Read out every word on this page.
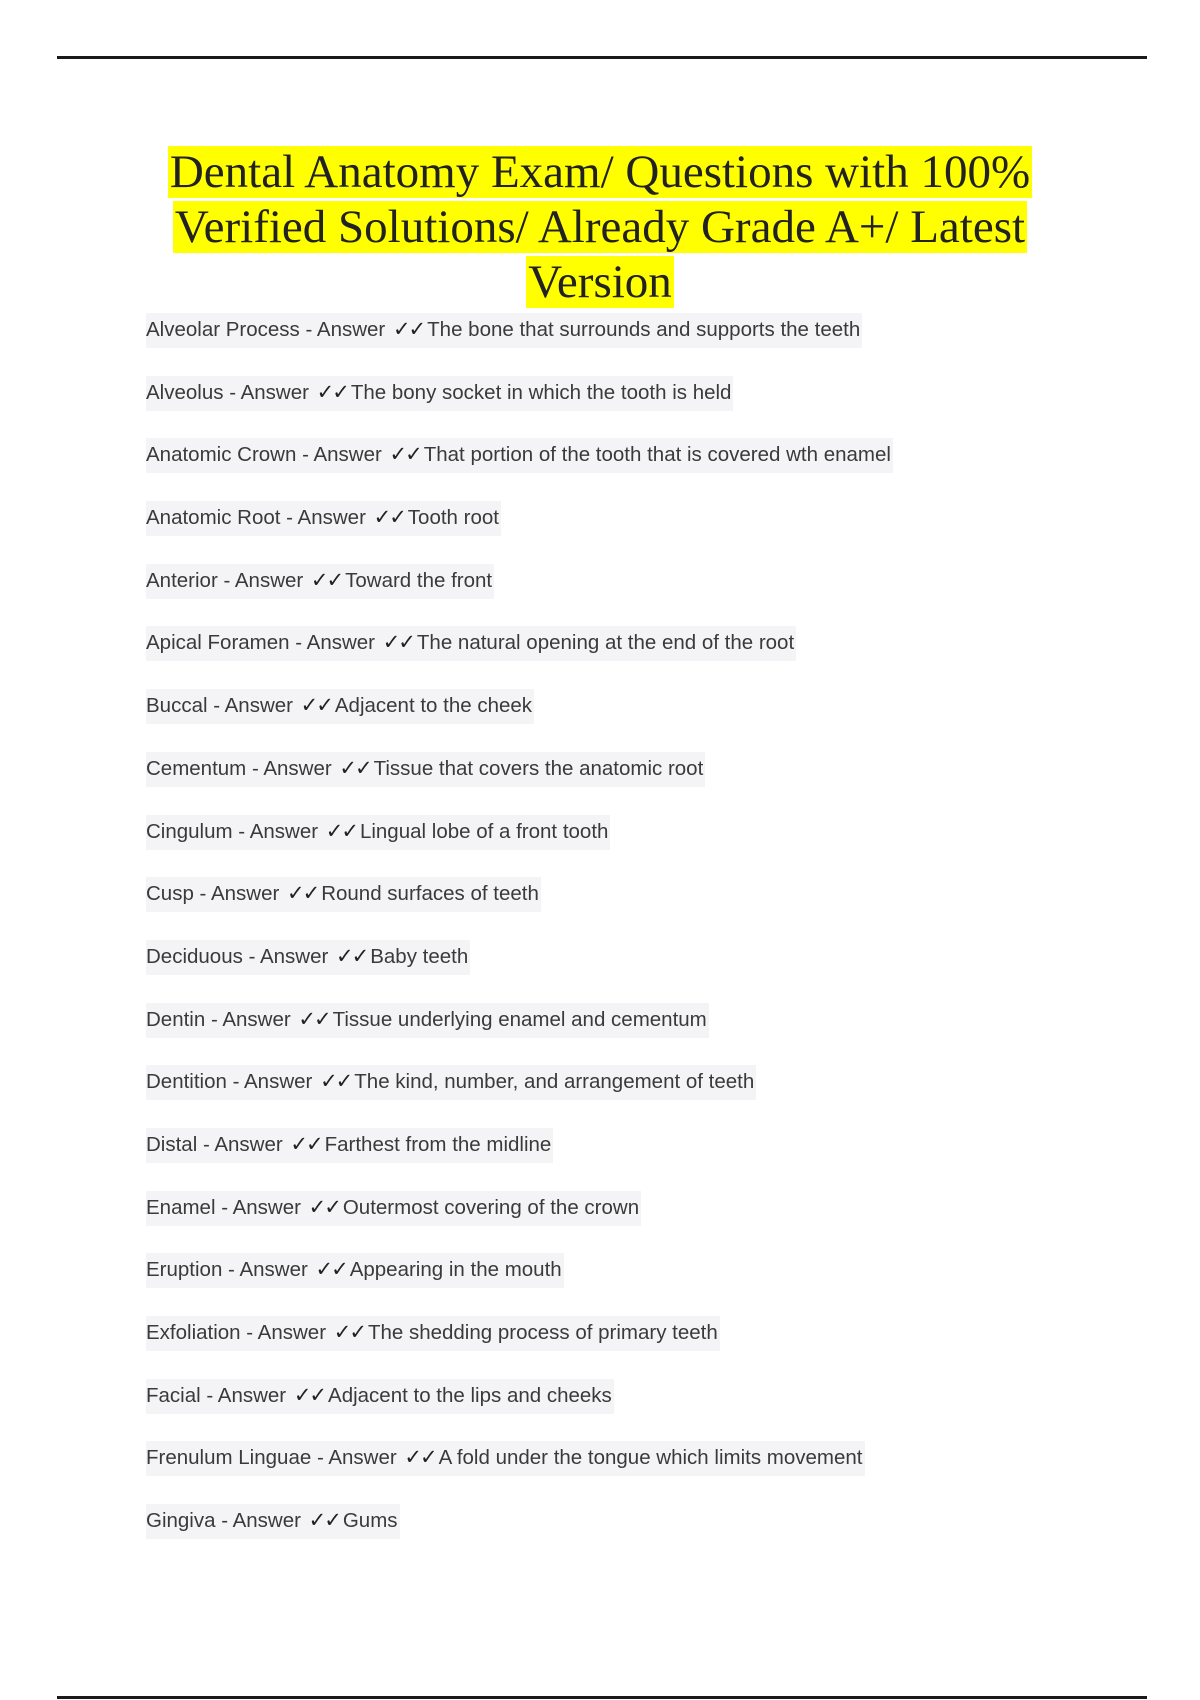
Dental Anatomy Exam/ Questions with 100%
Verified Solutions/ Already Grade A+/ Latest
Version
Alveolar Process - Answer ✓✓ The bone that surrounds and supports the teeth
Alveolus - Answer ✓✓ The bony socket in which the tooth is held
Anatomic Crown - Answer ✓✓ That portion of the tooth that is covered wth enamel
Anatomic Root - Answer ✓✓ Tooth root
Anterior - Answer ✓✓ Toward the front
Apical Foramen - Answer ✓✓ The natural opening at the end of the root
Buccal - Answer ✓✓ Adjacent to the cheek
Cementum - Answer ✓✓ Tissue that covers the anatomic root
Cingulum - Answer ✓✓ Lingual lobe of a front tooth
Cusp - Answer ✓✓ Round surfaces of teeth
Deciduous - Answer ✓✓ Baby teeth
Dentin - Answer ✓✓ Tissue underlying enamel and cementum
Dentition - Answer ✓✓ The kind, number, and arrangement of teeth
Distal - Answer ✓✓ Farthest from the midline
Enamel - Answer ✓✓ Outermost covering of the crown
Eruption - Answer ✓✓ Appearing in the mouth
Exfoliation - Answer ✓✓ The shedding process of primary teeth
Facial - Answer ✓✓ Adjacent to the lips and cheeks
Frenulum Linguae - Answer ✓✓ A fold under the tongue which limits movement
Gingiva - Answer ✓✓ Gums
